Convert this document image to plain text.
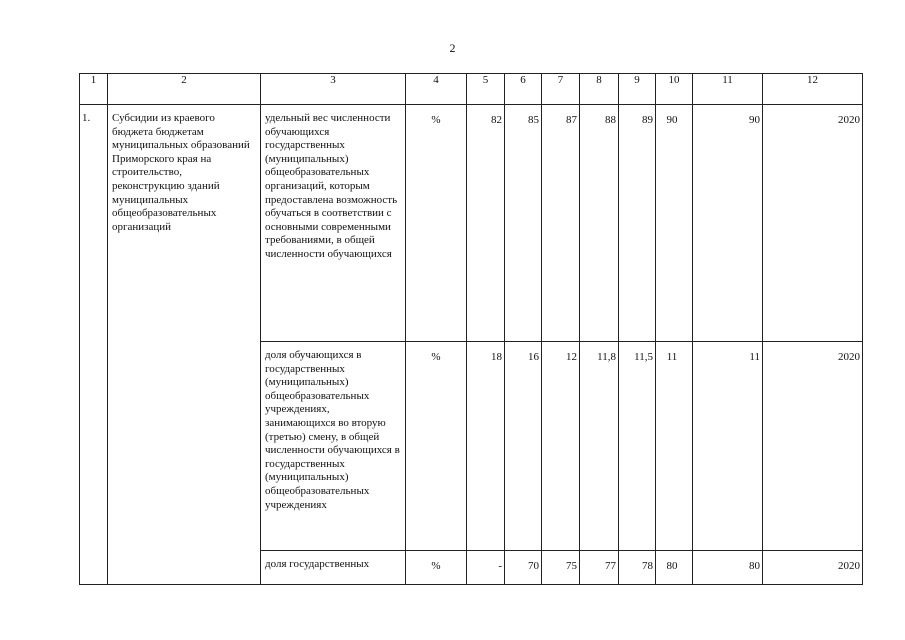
2
1	2	3	4	5	6	7	8	9	10	11	12
1.	Субсидии из краевого бюджета бюджетам муниципальных образований Приморского края на строительство, реконструкцию зданий муниципальных общеобразовательных организаций	удельный вес численности обучающихся государственных (муниципальных) общеобразовательных организаций, которым предоставлена возможность обучаться в соответствии с основными современными требованиями, в общей численности обучающихся	%	82	85	87	88	89	90	90	2020
		доля обучающихся в государственных (муниципальных) общеобразовательных учреждениях, занимающихся во вторую (третью) смену, в общей численности обучающихся в государственных (муниципальных) общеобразовательных учреждениях	%	18	16	12	11,8	11,5	11	11	2020
		доля государственных	%	-	70	75	77	78	80	80	2020
